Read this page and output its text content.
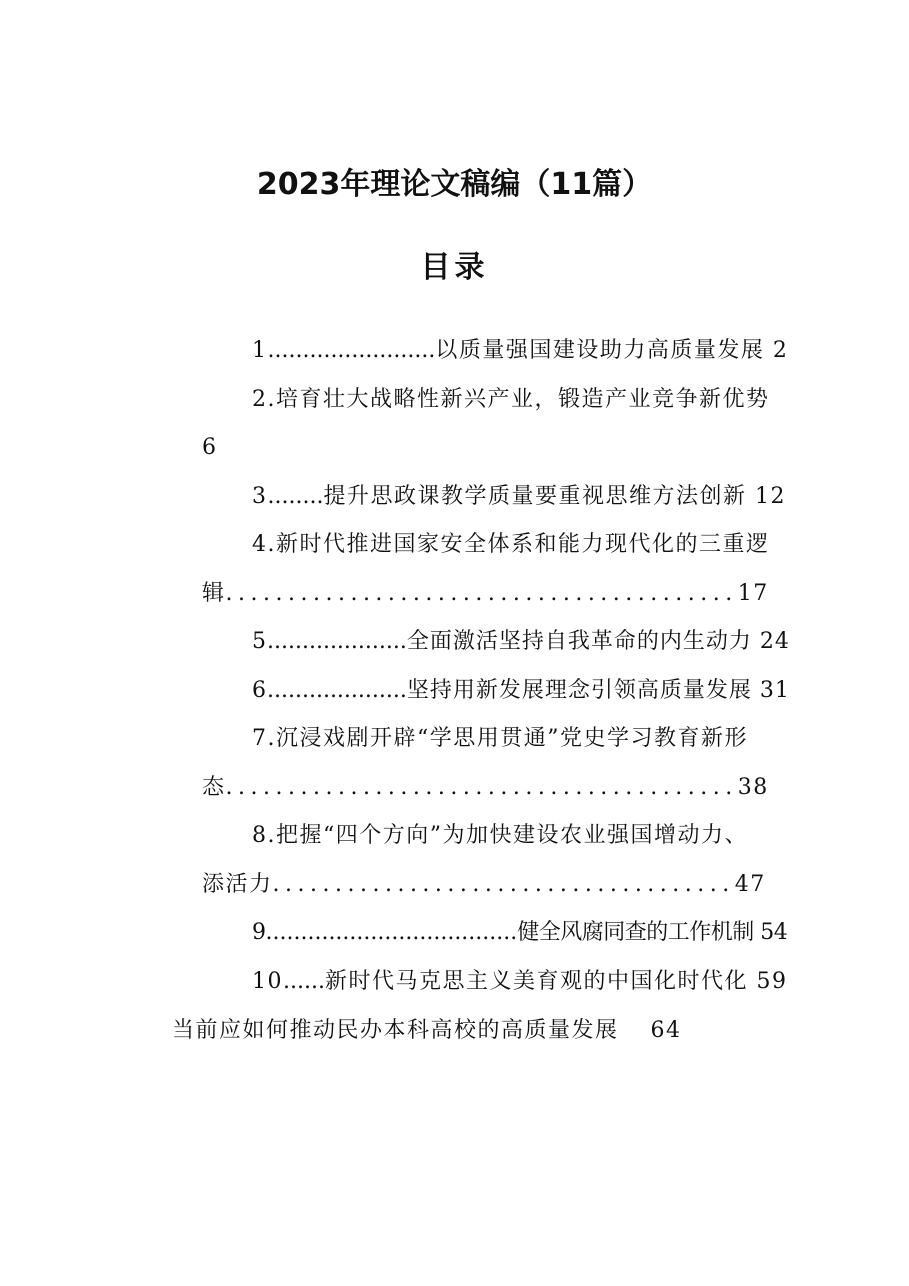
2023年理论文稿编（11篇）
目录
1........................以质量强国建设助力高质量发展 2
2.培育壮大战略性新兴产业，锻造产业竞争新优势
6
3........提升思政课教学质量要重视思维方法创新 12
4.新时代推进国家安全体系和能力现代化的三重逻
辑.........................................17
5....................全面激活坚持自我革命的内生动力 24
6....................坚持用新发展理念引领高质量发展 31
7.沉浸戏剧开辟“学思用贯通”党史学习教育新形
态.........................................38
8.把握“四个方向”为加快建设农业强国增动力、
添活力.....................................47
9....................................健全风腐同查的工作机制 54
10......新时代马克思主义美育观的中国化时代化 59
当前应如何推动民办本科高校的高质量发展 64
